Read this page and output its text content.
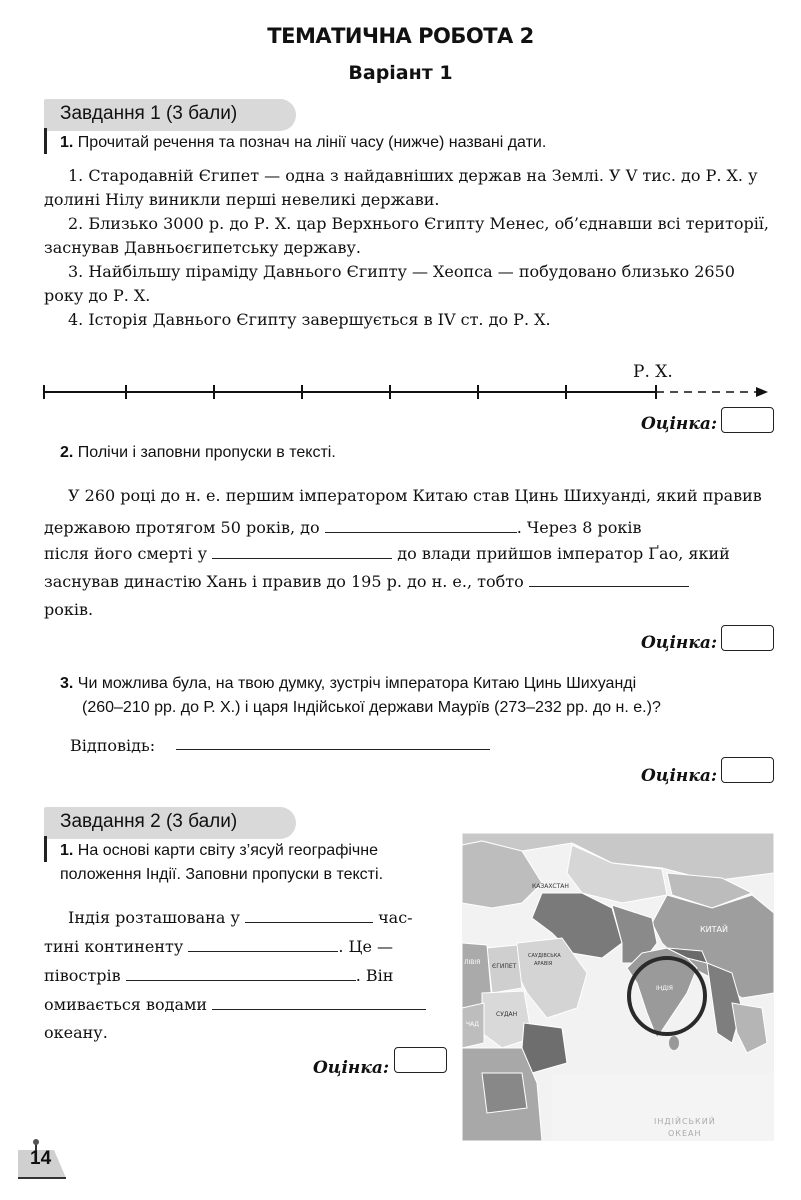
ТЕМАТИЧНА РОБОТА 2
Варіант 1
Завдання 1 (3 бали)
1. Прочитай речення та познач на лінії часу (нижче) названі дати.
1. Стародавній Єгипет — одна з найдавніших держав на Землі. У V тис. до Р. Х. у долині Нілу виникли перші невеликі держави.
2. Близько 3000 р. до Р. Х. цар Верхнього Єгипту Менес, об’єднавши всі території, заснував Давньоєгипетську державу.
3. Найбільшу піраміду Давнього Єгипту — Хеопса — побудовано близько 2650 року до Р. Х.
4. Історія Давнього Єгипту завершується в IV ст. до Р. Х.
Р. Х.
Оцінка:
2. Полічи і заповни пропуски в тексті.
У 260 році до н. е. першим імператором Китаю став Цинь Шихуанді, який правив державою протягом 50 років, до	. Через 8 років
після його смерті у	до влади прийшов імператор Ґао, який
заснував династію Хань і правив до 195 р. до н. е., тобто
років.
Оцінка:
3. Чи можлива була, на твою думку, зустріч імператора Китаю Цинь Шихуанді
(260–210 рр. до Р. Х.) і царя Індійської держави Маурїв (273–232 рр. до н. е.)?
Відповідь:
Оцінка:
Завдання 2 (3 бали)
1. На основі карти світу з’ясуй географічне
положення Індії. Заповни пропуски в тексті.
Індія розташована у	час-
тині континенту	. Це —
півострів	. Він
омивається водами
океану.
Оцінка:
КАЗАХСТАН
КИТАЙ
ЛІВІЯ
ЄГИПЕТ
САУДІВСЬКА
АРАВІЯ
ІНДІЯ
СУДАН
ЧАД
ІНДІЙСЬКИЙ
ОКЕАН
14
